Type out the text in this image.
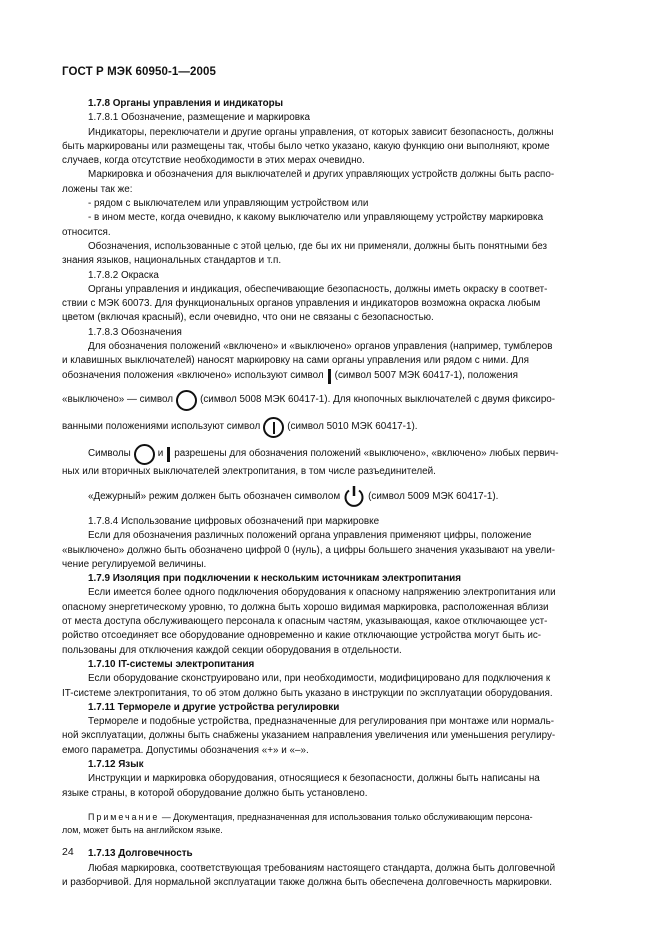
ГОСТ Р МЭК 60950-1—2005

1.7.8 Органы управления и индикаторы

1.7.8.1 Обозначение, размещение и маркировка

Индикаторы, переключатели и другие органы управления, от которых зависит безопасность, должны

быть маркированы или размещены так, чтобы было четко указано, какую функцию они выполняют, кроме

случаев, когда отсутствие необходимости в этих мерах очевидно.

Маркировка и обозначения для выключателей и других управляющих устройств должны быть распо-

ложены так же:

- рядом с выключателем или управляющим устройством или

- в ином месте, когда очевидно, к какому выключателю или управляющему устройству маркировка

относится.

Обозначения, использованные с этой целью, где бы их ни применяли, должны быть понятными без

знания языков, национальных стандартов и т.п.

1.7.8.2 Окраска

Органы управления и индикация, обеспечивающие безопасность, должны иметь окраску в соответ-

ствии с МЭК 60073. Для функциональных органов управления и индикаторов возможна окраска любым

цветом (включая красный), если очевидно, что они не связаны с безопасностью.

1.7.8.3 Обозначения

Для обозначения положений «включено» и «выключено» органов управления (например, тумблеров

и клавишных выключателей) наносят маркировку на сами органы управления или рядом с ними. Для

обозначения положения «включено» используют символ (символ 5007 МЭК 60417-1), положения

«выключено» — символ	(символ 5008 МЭК 60417-1). Для кнопочных выключателей с двумя фиксиро-

ванными положениями используют символ	(символ 5010 МЭК 60417-1).

Символы	и разрешены для обозначения положений «выключено», «включено» любых первич-

ных или вторичных выключателей электропитания, в том числе разъединителей.

«Дежурный» режим должен быть обозначен символом	(символ 5009 МЭК 60417-1).

1.7.8.4 Использование цифровых обозначений при маркировке

Если для обозначения различных положений органа управления применяют цифры, положение

«выключено» должно быть обозначено цифрой 0 (нуль), а цифры большего значения указывают на увели-

чение регулируемой величины.

1.7.9 Изоляция при подключении к нескольким источникам электропитания

Если имеется более одного подключения оборудования к опасному напряжению электропитания или

опасному энергетическому уровню, то должна быть хорошо видимая маркировка, расположенная вблизи

от места доступа обслуживающего персонала к опасным частям, указывающая, какое отключающее уст-

ройство отсоединяет все оборудование одновременно и какие отключающие устройства могут быть ис-

пользованы для отключения каждой секции оборудования в отдельности.

1.7.10 IT-системы электропитания

Если оборудование сконструировано или, при необходимости, модифицировано для подключения к

IT-системе электропитания, то об этом должно быть указано в инструкции по эксплуатации оборудования.

1.7.11 Термореле и другие устройства регулировки

Термореле и подобные устройства, предназначенные для регулирования при монтаже или нормаль-

ной эксплуатации, должны быть снабжены указанием направления увеличения или уменьшения регулиру-

емого параметра. Допустимы обозначения «+» и «–».

1.7.12 Язык

Инструкции и маркировка оборудования, относящиеся к безопасности, должны быть написаны на

языке страны, в которой оборудование должно быть установлено.

Примечание — Документация, предназначенная для использования только обслуживающим персона-

лом, может быть на английском языке.

1.7.13 Долговечность

Любая маркировка, соответствующая требованиям настоящего стандарта, должна быть долговечной

и разборчивой. Для нормальной эксплуатации также должна быть обеспечена долговечность маркировки.

24
